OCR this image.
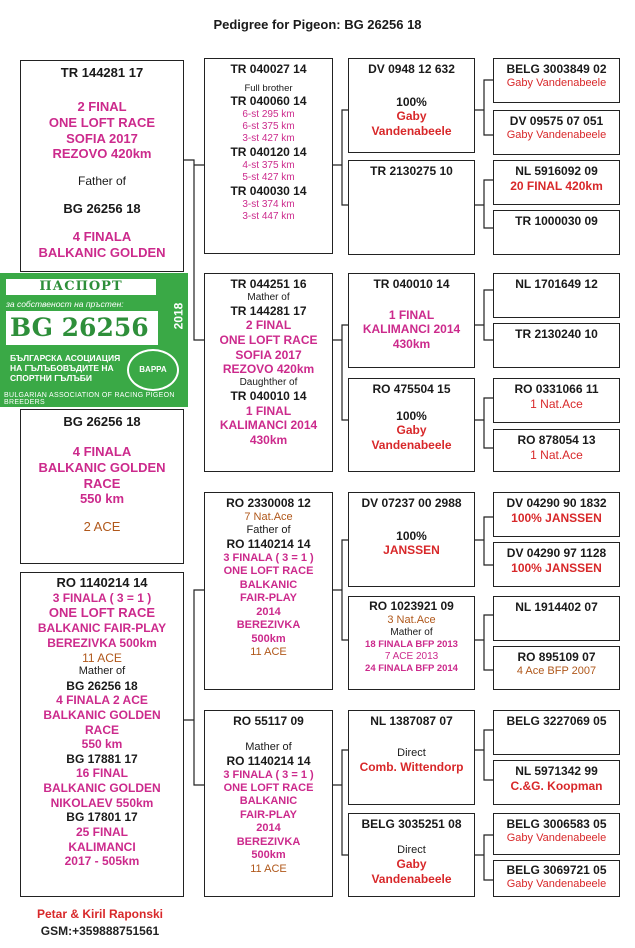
Pedigree for Pigeon: BG 26256 18
TR 144281 17
2 FINAL
ONE LOFT RACE
SOFIA 2017
REZOVO 420km
Father of
BG 26256 18
4 FINALA
BALKANIC GOLDEN
ПАСПОРТ
за собственост на пръстен:
BG 26256	2018
БЪЛГАРСКА АСОЦИАЦИЯ
НА ГЪЛЪБОВЪДИТЕ НА
СПОРТНИ ГЪЛЪБИ
BAPPA
BULGARIAN ASSOCIATION OF RACING PIGEON BREEDERS
BG 26256 18
4 FINALA
BALKANIC GOLDEN
RACE
550 km
2 ACE
RO 1140214 14
3 FINALA ( 3 = 1 )
ONE LOFT RACE
BALKANIC FAIR-PLAY
BEREZIVKA 500km
11 ACE
Mather of
BG 26256 18
4 FINALA 2 ACE
BALKANIC GOLDEN
RACE
550 km
BG 17881 17
16 FINAL
BALKANIC GOLDEN
NIKOLAEV 550km
BG 17801 17
25 FINAL
KALIMANCI
2017 - 505km
Petar & Kiril Raponski
GSM:+359888751561
TR 040027 14
Full brother
TR 040060 14
6-st 295 km
6-st 375 km
3-st 427 km
TR 040120 14
4-st 375 km
5-st 427 km
TR 040030 14
3-st 374 km
3-st 447 km
TR 044251 16
Mather of
TR 144281 17
2 FINAL
ONE LOFT RACE
SOFIA 2017
REZOVO 420km
Daughther of
TR 040010 14
1 FINAL
KALIMANCI 2014
430km
RO 2330008 12
7 Nat.Ace
Father of
RO 1140214 14
3 FINALA ( 3 = 1 )
ONE LOFT RACE
BALKANIC
FAIR-PLAY
2014
BEREZIVKA
500km
11 ACE
RO 55117 09
Mather of
RO 1140214 14
3 FINALA ( 3 = 1 )
ONE LOFT RACE
BALKANIC
FAIR-PLAY
2014
BEREZIVKA
500km
11 ACE
DV 0948 12 632
100%
Gaby
Vandenabeele
TR 2130275 10
TR 040010 14
1 FINAL
KALIMANCI 2014
430km
RO 475504 15
100%
Gaby
Vandenabeele
DV 07237 00 2988
100%
JANSSEN
RO 1023921 09
3 Nat.Ace
Mather of
18 FINALA BFP 2013
7 ACE 2013
24 FINALA BFP 2014
NL 1387087 07
Direct
Comb. Wittendorp
BELG 3035251 08
Direct
Gaby
Vandenabeele
BELG 3003849 02
Gaby Vandenabeele
DV 09575 07 051
Gaby Vandenabeele
NL 5916092 09
20 FINAL 420km
TR 1000030 09
NL 1701649 12
TR 2130240 10
RO 0331066 11
1 Nat.Ace
RO 878054 13
1 Nat.Ace
DV 04290 90 1832
100% JANSSEN
DV 04290 97 1128
100% JANSSEN
NL 1914402 07
RO 895109 07
4 Ace BFP 2007
BELG 3227069 05
NL 5971342 99
C.&G. Koopman
BELG 3006583 05
Gaby Vandenabeele
BELG 3069721 05
Gaby Vandenabeele
